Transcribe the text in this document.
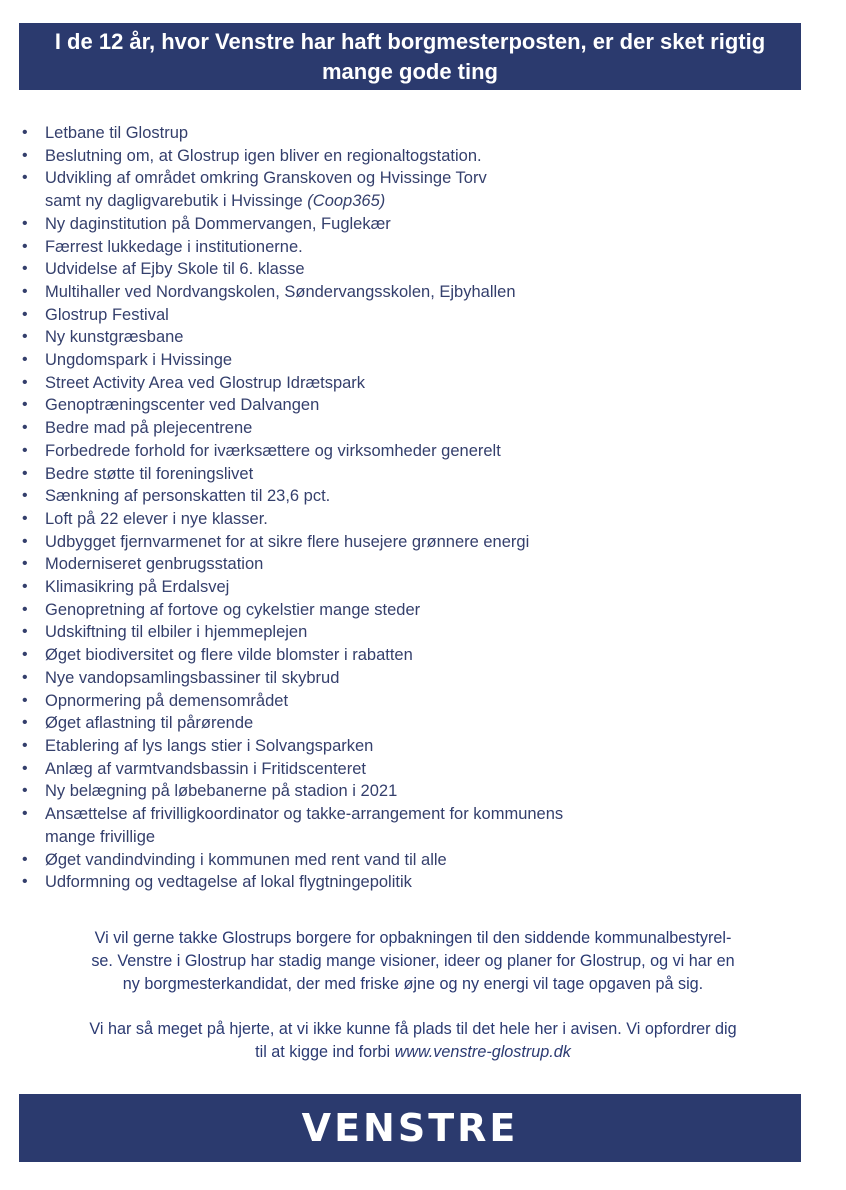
I de 12 år, hvor Venstre har haft borgmesterposten, er der sket rigtig mange gode ting
• Letbane til Glostrup
• Beslutning om, at Glostrup igen bliver en regionaltogstation.
• Udvikling af området omkring Granskoven og Hvissinge Torv
samt ny dagligvarebutik i Hvissinge (Coop365)
• Ny daginstitution på Dommervangen, Fuglekær
• Færrest lukkedage i institutionerne.
• Udvidelse af Ejby Skole til 6. klasse
• Multihaller ved Nordvangskolen, Søndervangsskolen, Ejbyhallen
• Glostrup Festival
• Ny kunstgræsbane
• Ungdomspark i Hvissinge
• Street Activity Area ved Glostrup Idrætspark
• Genoptræningscenter ved Dalvangen
• Bedre mad på plejecentrene
• Forbedrede forhold for iværksættere og virksomheder generelt
• Bedre støtte til foreningslivet
• Sænkning af personskatten til 23,6 pct.
• Loft på 22 elever i nye klasser.
• Udbygget fjernvarmenet for at sikre flere husejere grønnere energi
• Moderniseret genbrugsstation
• Klimasikring på Erdalsvej
• Genopretning af fortove og cykelstier mange steder
• Udskiftning til elbiler i hjemmeplejen
• Øget biodiversitet og flere vilde blomster i rabatten
• Nye vandopsamlingsbassiner til skybrud
• Opnormering på demensområdet
• Øget aflastning til pårørende
• Etablering af lys langs stier i Solvangsparken
• Anlæg af varmtvandsbassin i Fritidscenteret
• Ny belægning på løbebanerne på stadion i 2021
• Ansættelse af frivilligkoordinator og takke-arrangement for kommunens
mange frivillige
• Øget vandindvinding i kommunen med rent vand til alle
• Udformning og vedtagelse af lokal flygtningepolitik

Vi vil gerne takke Glostrups borgere for opbakningen til den siddende kommunalbestyrel-
se. Venstre i Glostrup har stadig mange visioner, ideer og planer for Glostrup, og vi har en
ny borgmesterkandidat, der med friske øjne og ny energi vil tage opgaven på sig.

Vi har så meget på hjerte, at vi ikke kunne få plads til det hele her i avisen. Vi opfordrer dig
til at kigge ind forbi www.venstre-glostrup.dk

VENSTRE
